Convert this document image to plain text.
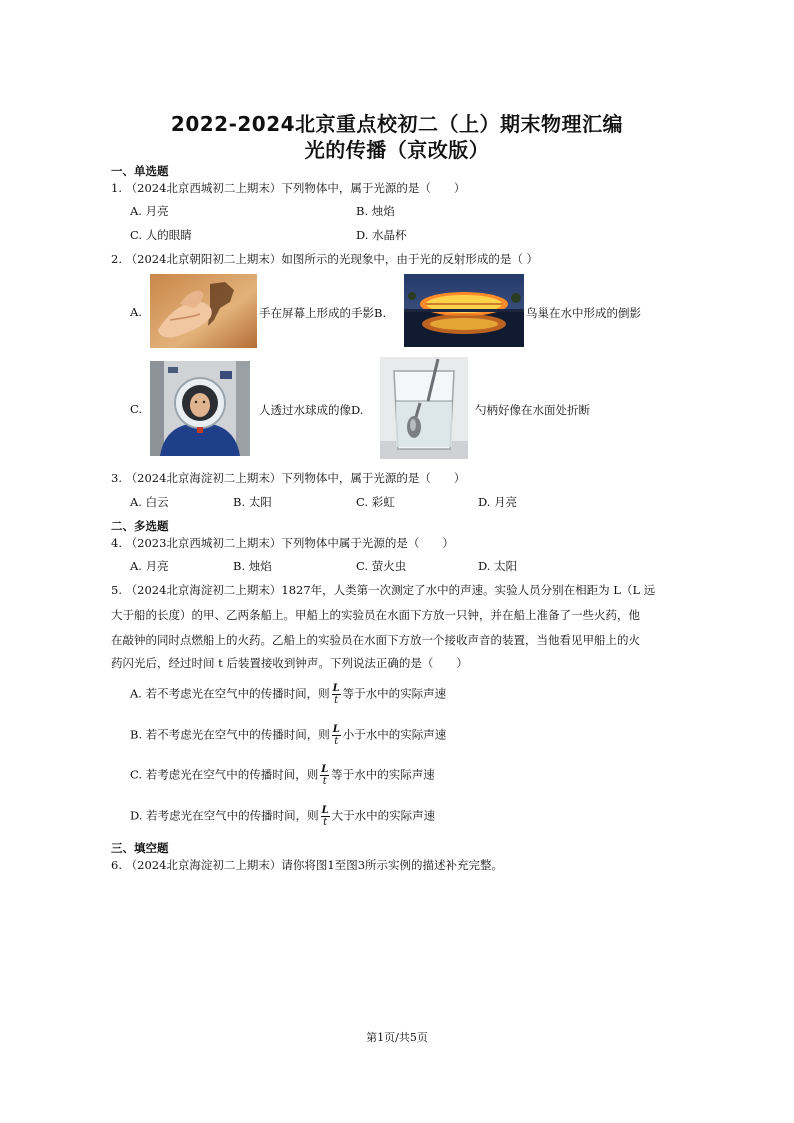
2022-2024北京重点校初二（上）期末物理汇编
光的传播（京改版）
一、单选题
1. （2024北京西城初二上期末）下列物体中，属于光源的是（　　）
A. 月亮	B. 烛焰
C. 人的眼睛	D. 水晶杯
2. （2024北京朝阳初二上期末）如图所示的光现象中，由于光的反射形成的是（ ）
A.	手在屏幕上形成的手影B.	鸟巢在水中形成的倒影
C.	人透过水球成的像D.	勺柄好像在水面处折断
3. （2024北京海淀初二上期末）下列物体中，属于光源的是（　　）
A. 白云	B. 太阳	C. 彩虹	D. 月亮
二、多选题
4. （2023北京西城初二上期末）下列物体中属于光源的是（　　）
A. 月亮	B. 烛焰	C. 萤火虫	D. 太阳
5. （2024北京海淀初二上期末）1827年，人类第一次测定了水中的声速。实验人员分别在相距为 L（L 远
大于船的长度）的甲、乙两条船上。甲船上的实验员在水面下方放一只钟，并在船上准备了一些火药，他
在敲钟的同时点燃船上的火药。乙船上的实验员在水面下方放一个接收声音的装置，当他看见甲船上的火
药闪光后，经过时间 t 后装置接收到钟声。下列说法正确的是（　　）
A. 若不考虑光在空气中的传播时间，则 $\frac{L}{t}$ 等于水中的实际声速
B. 若不考虑光在空气中的传播时间，则 $\frac{L}{t}$ 小于水中的实际声速
C. 若考虑光在空气中的传播时间，则 $\frac{L}{t}$ 等于水中的实际声速
D. 若考虑光在空气中的传播时间，则 $\frac{L}{t}$ 大于水中的实际声速
三、填空题
6. （2024北京海淀初二上期末）请你将图1至图3所示实例的描述补充完整。
第1页/共5页
